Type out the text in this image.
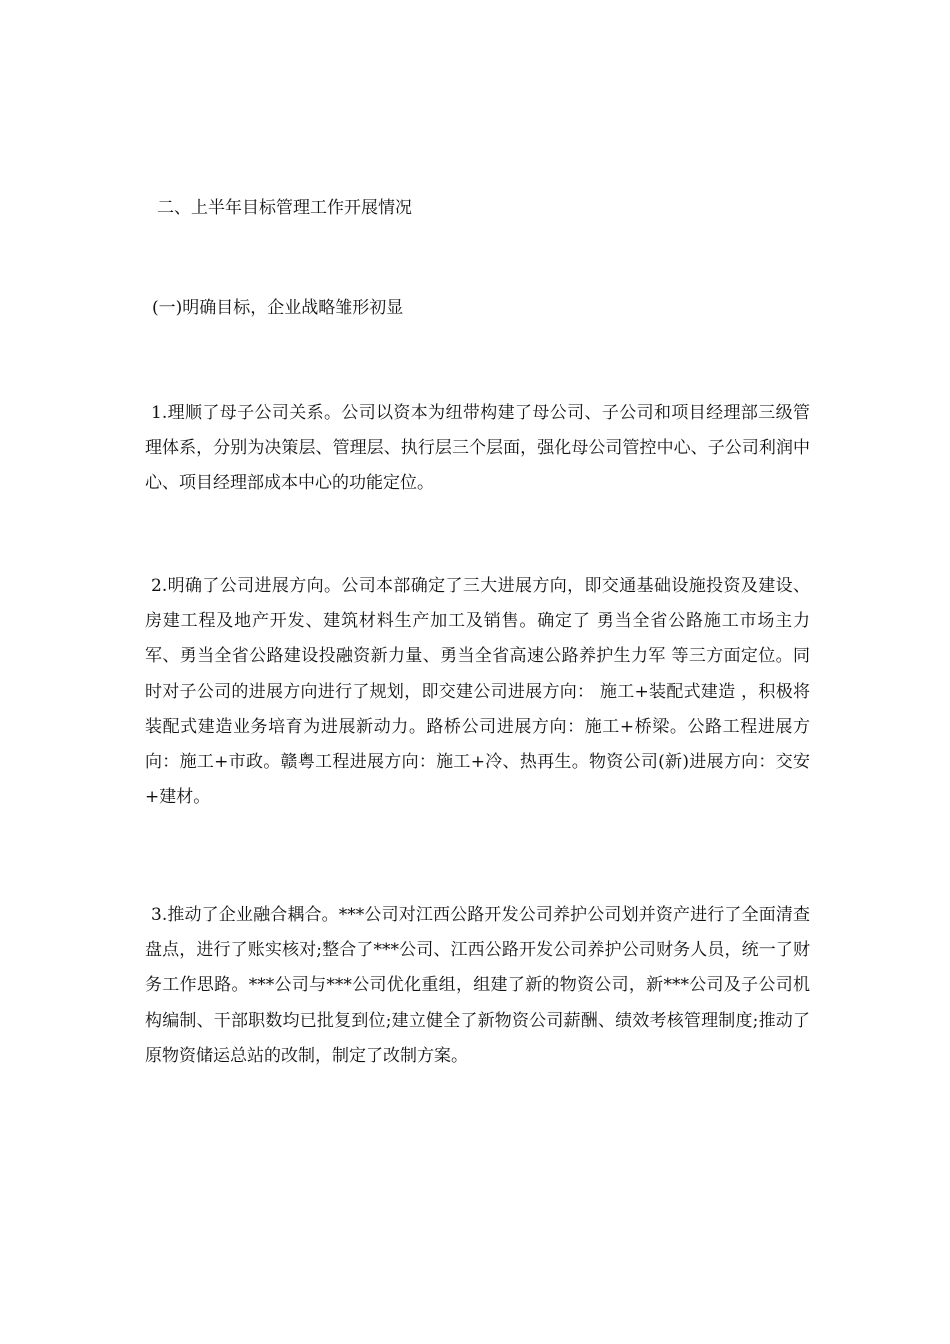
二、上半年目标管理工作开展情况
(一)明确目标，企业战略雏形初显

1.理顺了母子公司关系。公司以资本为纽带构建了母公司、子公司和项目经理部三级管理体系，分别为决策层、管理层、执行层三个层面，强化母公司管控中心、子公司利润中心、项目经理部成本中心的功能定位。

2.明确了公司进展方向。公司本部确定了三大进展方向，即交通基础设施投资及建设、房建工程及地产开发、建筑材料生产加工及销售。确定了 勇当全省公路施工市场主力军、勇当全省公路建设投融资新力量、勇当全省高速公路养护生力军 等三方面定位。同时对子公司的进展方向进行了规划，即交建公司进展方向： 施工+装配式建造 ，积极将装配式建造业务培育为进展新动力。路桥公司进展方向：施工+桥梁。公路工程进展方向：施工+市政。赣粤工程进展方向：施工+冷、热再生。物资公司(新)进展方向：交安+建材。

3.推动了企业融合耦合。***公司对江西公路开发公司养护公司划并资产进行了全面清查盘点，进行了账实核对;整合了***公司、江西公路开发公司养护公司财务人员，统一了财务工作思路。***公司与***公司优化重组，组建了新的物资公司，新***公司及子公司机构编制、干部职数均已批复到位;建立健全了新物资公司薪酬、绩效考核管理制度;推动了原物资储运总站的改制，制定了改制方案。
